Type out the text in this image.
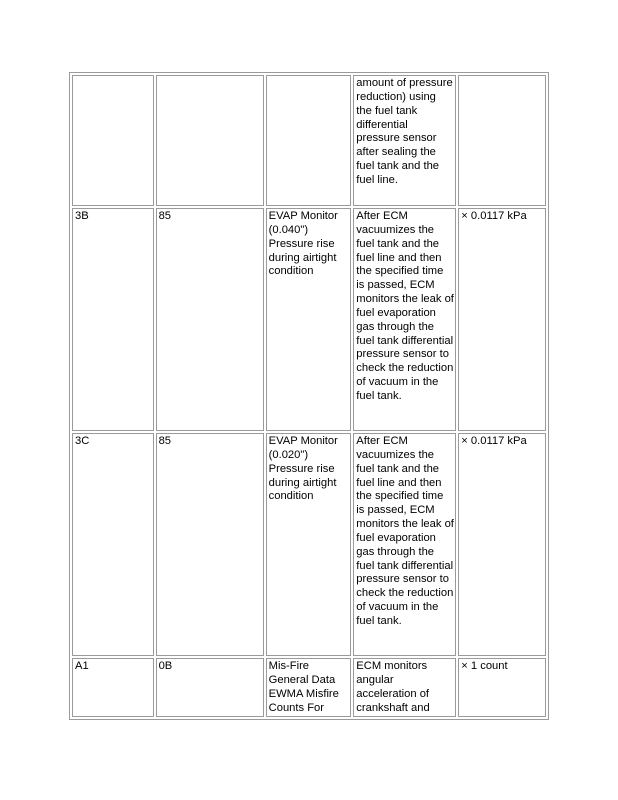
			amount of pressure reduction) using the fuel tank differential pressure sensor after sealing the fuel tank and the fuel line.	
3B	85	EVAP Monitor (0.040") Pressure rise during airtight condition	After ECM vacuumizes the fuel tank and the fuel line and then the specified time is passed, ECM monitors the leak of fuel evaporation gas through the fuel tank differential pressure sensor to check the reduction of vacuum in the fuel tank.	× 0.0117 kPa
3C	85	EVAP Monitor (0.020") Pressure rise during airtight condition	After ECM vacuumizes the fuel tank and the fuel line and then the specified time is passed, ECM monitors the leak of fuel evaporation gas through the fuel tank differential pressure sensor to check the reduction of vacuum in the fuel tank.	× 0.0117 kPa
A1	0B	Mis-Fire General Data EWMA Misfire Counts For	ECM monitors angular acceleration of crankshaft and	× 1 count
